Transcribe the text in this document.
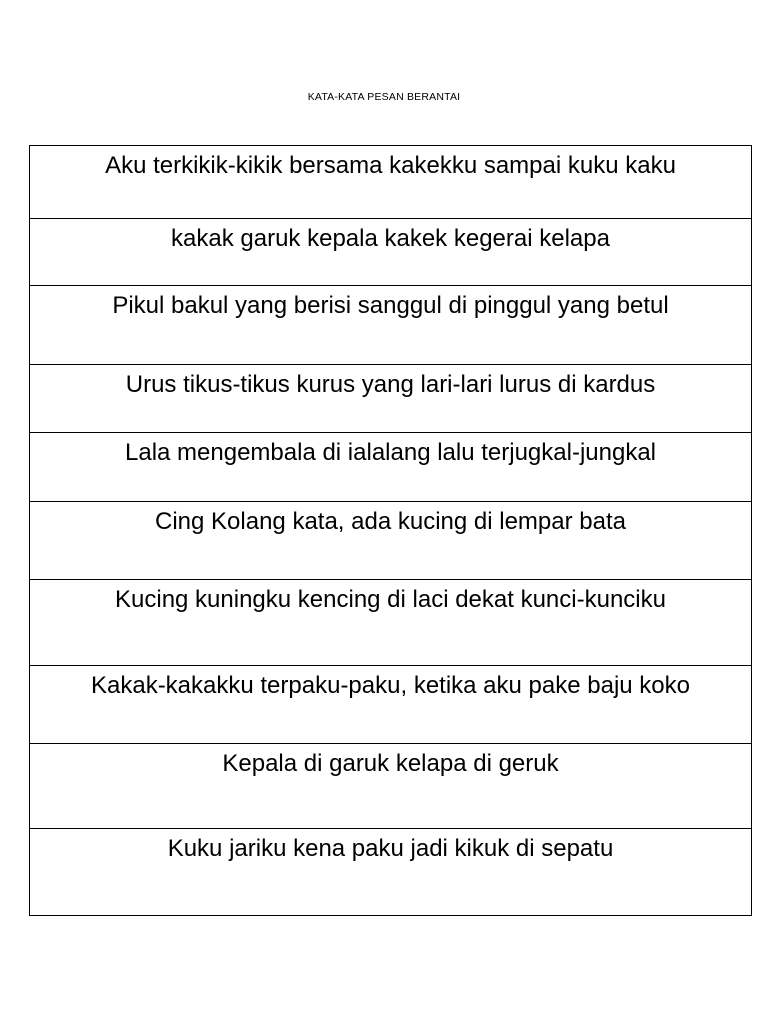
KATA-KATA PESAN BERANTAI
Aku terkikik-kikik bersama kakekku sampai kuku kaku
kakak garuk kepala kakek kegerai kelapa
Pikul bakul yang berisi sanggul di pinggul yang betul
Urus tikus-tikus kurus yang lari-lari lurus di kardus
Lala mengembala di ialalang lalu terjugkal-jungkal
Cing Kolang kata, ada kucing di lempar bata
Kucing kuningku kencing di laci dekat kunci-kunciku
Kakak-kakakku terpaku-paku, ketika aku pake baju koko
Kepala di garuk kelapa di geruk
Kuku jariku kena paku jadi kikuk di sepatu
